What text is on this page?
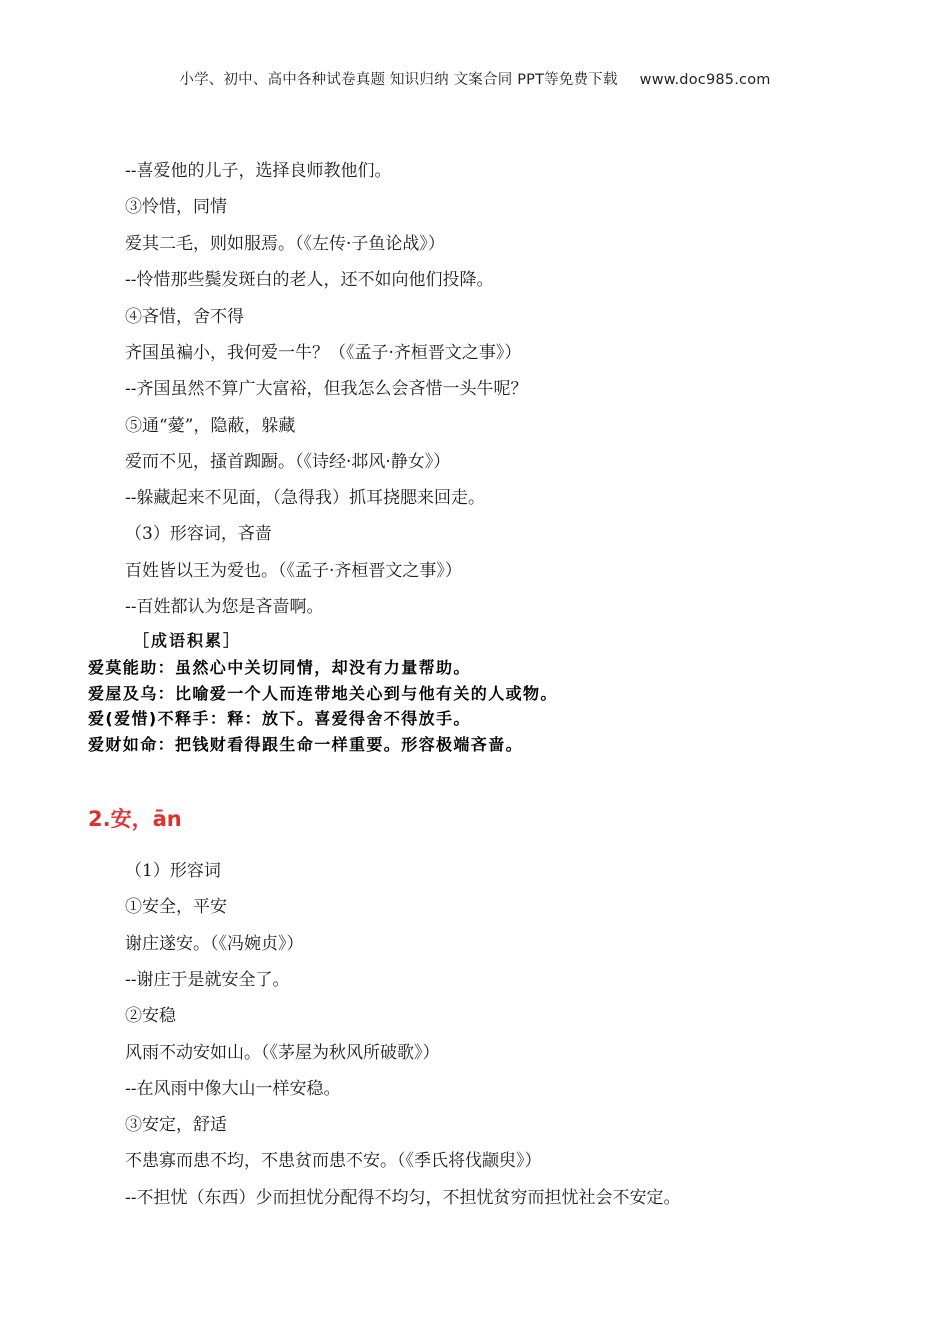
小学、初中、高中各种试卷真题 知识归纳 文案合同 PPT等免费下载 www.doc985.com
--喜爱他的儿子，选择良师教他们。
③怜惜，同情
爱其二毛，则如服焉。（《左传·子鱼论战》）
--怜惜那些鬓发斑白的老人，还不如向他们投降。
④吝惜，舍不得
齐国虽褊小，我何爱一牛？（《孟子·齐桓晋文之事》）
--齐国虽然不算广大富裕，但我怎么会吝惜一头牛呢？
⑤通“薆”，隐蔽，躲藏
爱而不见，搔首踟蹰。（《诗经·邶风·静女》）
--躲藏起来不见面，（急得我）抓耳挠腮来回走。
（3）形容词，吝啬
百姓皆以王为爱也。（《孟子·齐桓晋文之事》）
--百姓都认为您是吝啬啊。
［成语积累］
爱莫能助：虽然心中关切同情，却没有力量帮助。
爱屋及乌：比喻爱一个人而连带地关心到与他有关的人或物。
爱(爱惜)不释手：释：放下。喜爱得舍不得放手。
爱财如命：把钱财看得跟生命一样重要。形容极端吝啬。
2.安，ān
（1）形容词
①安全，平安
谢庄遂安。（《冯婉贞》）
--谢庄于是就安全了。
②安稳
风雨不动安如山。（《茅屋为秋风所破歌》）
--在风雨中像大山一样安稳。
③安定，舒适
不患寡而患不均，不患贫而患不安。（《季氏将伐颛臾》）
--不担忧（东西）少而担忧分配得不均匀，不担忧贫穷而担忧社会不安定。
